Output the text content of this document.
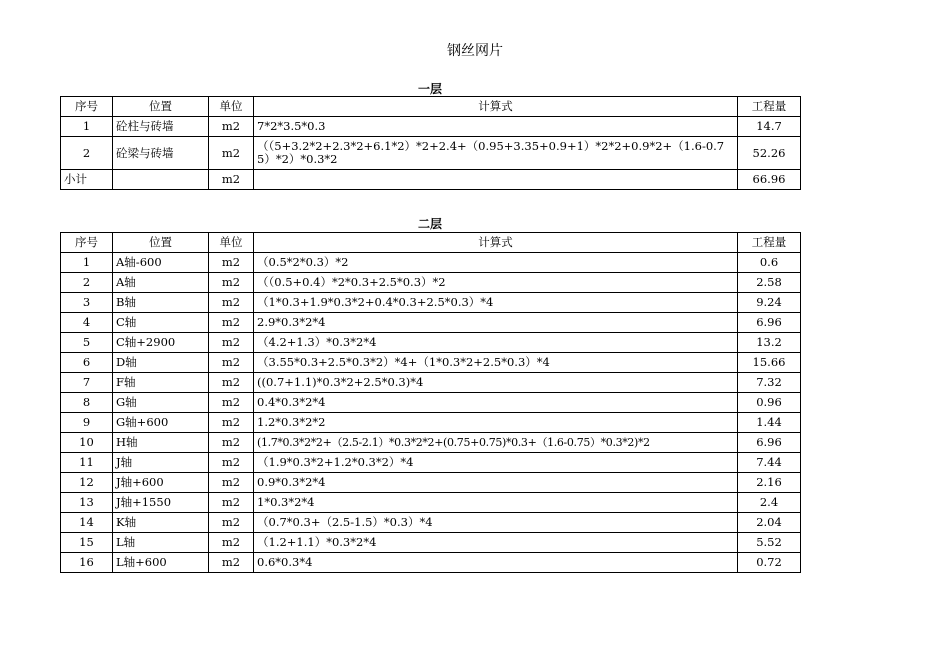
钢丝网片
一层
序号	位置	单位	计算式	工程量
1	砼柱与砖墙	m2	7*2*3.5*0.3	14.7
2	砼梁与砖墙	m2	（（5+3.2*2+2.3*2+6.1*2）*2+2.4+（0.95+3.35+0.9+1）*2*2+0.9*2+（1.6-0.75）*2）*0.3*2	52.26
小计		m2		66.96
二层
序号	位置	单位	计算式	工程量
1	A轴-600	m2	（0.5*2*0.3）*2	0.6
2	A轴	m2	（（0.5+0.4）*2*0.3+2.5*0.3）*2	2.58
3	B轴	m2	（1*0.3+1.9*0.3*2+0.4*0.3+2.5*0.3）*4	9.24
4	C轴	m2	2.9*0.3*2*4	6.96
5	C轴+2900	m2	（4.2+1.3）*0.3*2*4	13.2
6	D轴	m2	（3.55*0.3+2.5*0.3*2）*4+（1*0.3*2+2.5*0.3）*4	15.66
7	F轴	m2	((0.7+1.1)*0.3*2+2.5*0.3)*4	7.32
8	G轴	m2	0.4*0.3*2*4	0.96
9	G轴+600	m2	1.2*0.3*2*2	1.44
10	H轴	m2	(1.7*0.3*2*2+（2.5-2.1）*0.3*2*2+(0.75+0.75)*0.3+（1.6-0.75）*0.3*2)*2	6.96
11	J轴	m2	（1.9*0.3*2+1.2*0.3*2）*4	7.44
12	J轴+600	m2	0.9*0.3*2*4	2.16
13	J轴+1550	m2	1*0.3*2*4	2.4
14	K轴	m2	（0.7*0.3+（2.5-1.5）*0.3）*4	2.04
15	L轴	m2	（1.2+1.1）*0.3*2*4	5.52
16	L轴+600	m2	0.6*0.3*4	0.72
